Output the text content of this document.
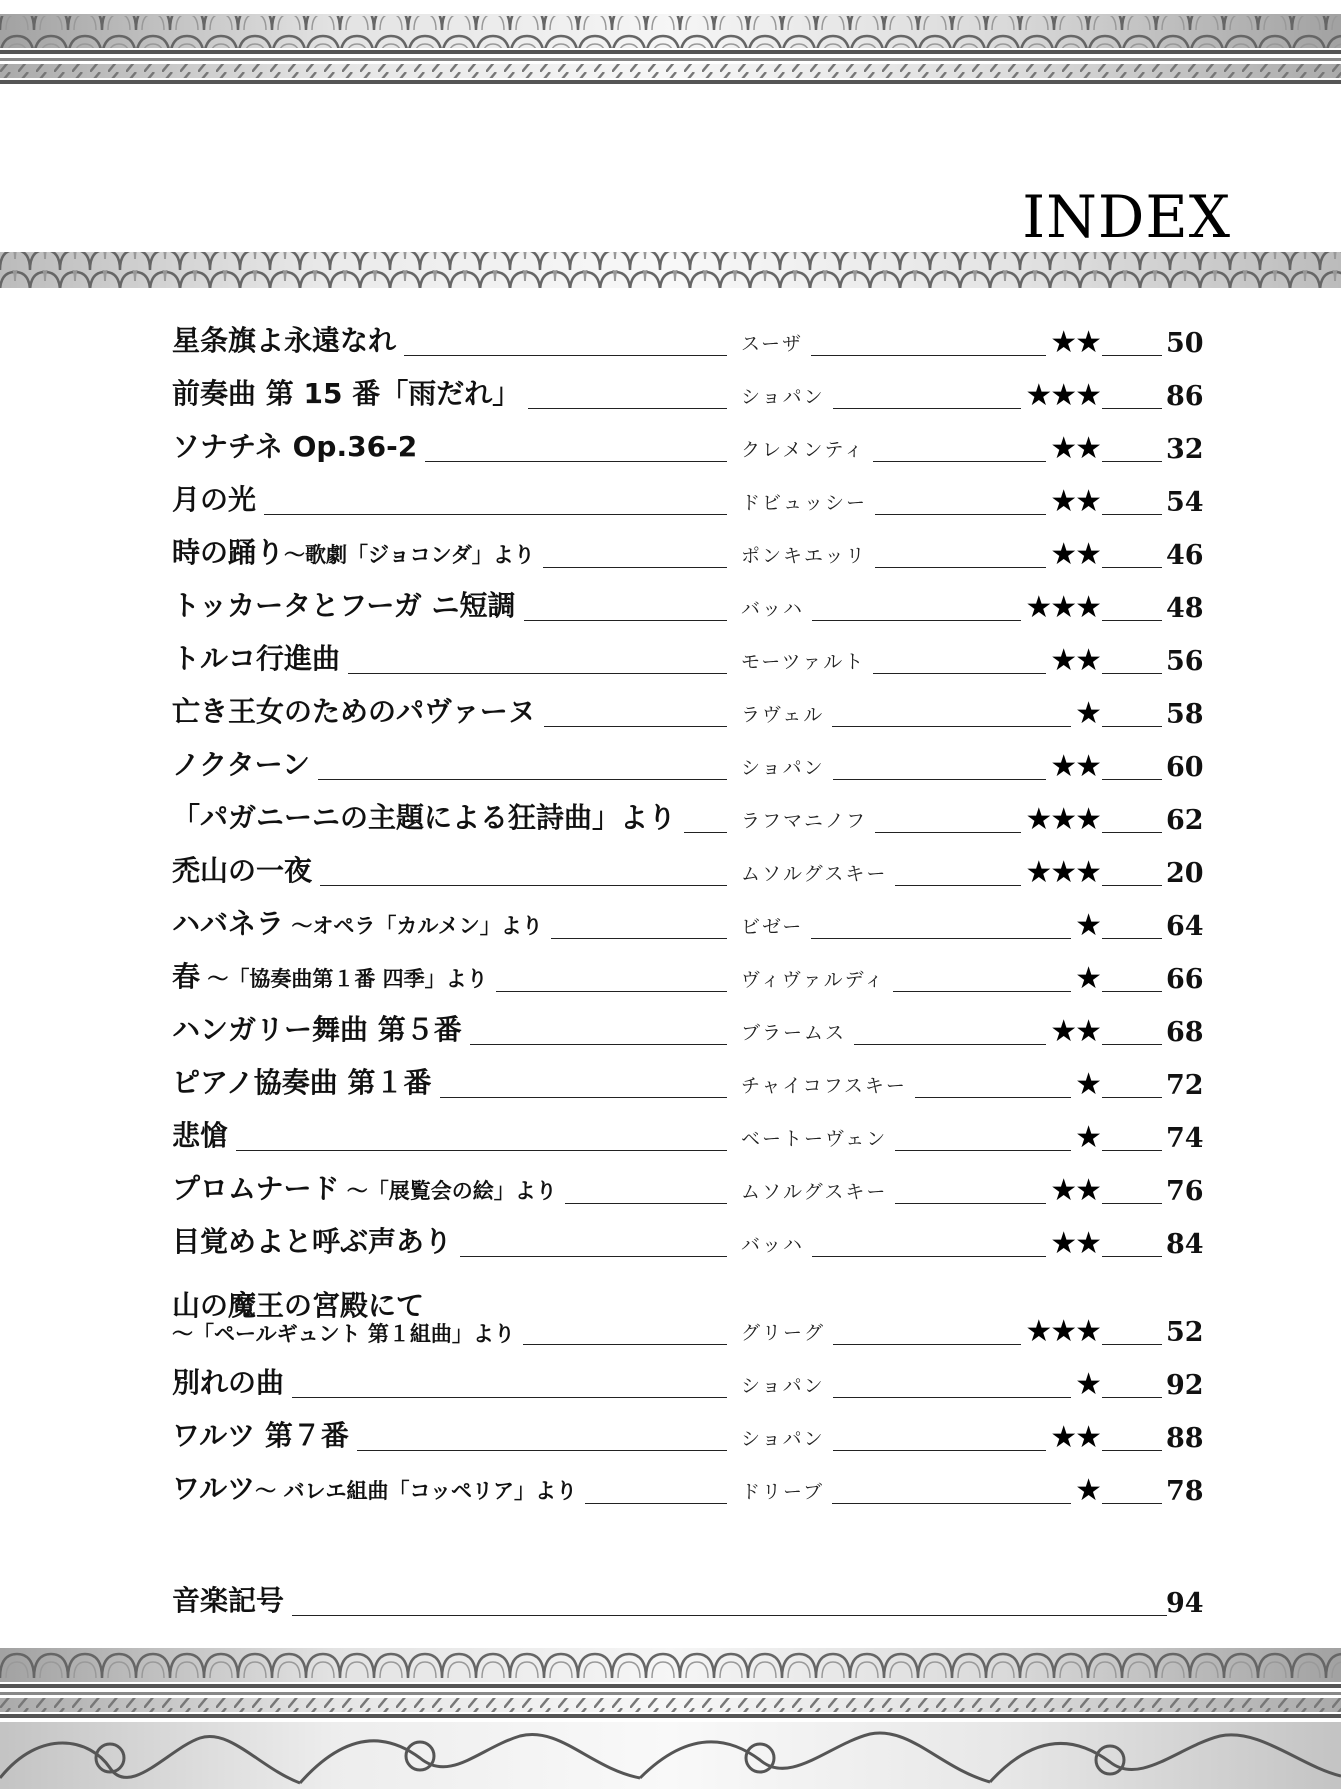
INDEX
星条旗よ永遠なれ	スーザ	★★ 50
前奏曲 第 15 番「雨だれ」	ショパン	★★★ 86
ソナチネ Op.36-2	クレメンティ	★★ 32
月の光	ドビュッシー	★★ 54
時の踊り～歌劇「ジョコンダ」より	ポンキエッリ	★★ 46
トッカータとフーガ ニ短調	バッハ	★★★ 48
トルコ行進曲	モーツァルト	★★ 56
亡き王女のためのパヴァーヌ	ラヴェル	★ 58
ノクターン	ショパン	★★ 60
「パガニーニの主題による狂詩曲」より	ラフマニノフ	★★★ 62
禿山の一夜	ムソルグスキー	★★★ 20
ハバネラ ～オペラ「カルメン」より	ビゼー	★ 64
春 ～「協奏曲第１番 四季」より	ヴィヴァルディ	★ 66
ハンガリー舞曲 第５番	ブラームス	★★ 68
ピアノ協奏曲 第１番	チャイコフスキー	★ 72
悲愴	ベートーヴェン	★ 74
プロムナード ～「展覧会の絵」より	ムソルグスキー	★★ 76
目覚めよと呼ぶ声あり	バッハ	★★ 84
山の魔王の宮殿にて
～「ペールギュント 第１組曲」より	グリーグ	★★★ 52
別れの曲	ショパン	★ 92
ワルツ 第７番	ショパン	★★ 88
ワルツ～ バレエ組曲「コッペリア」より	ドリーブ	★ 78
音楽記号	94
